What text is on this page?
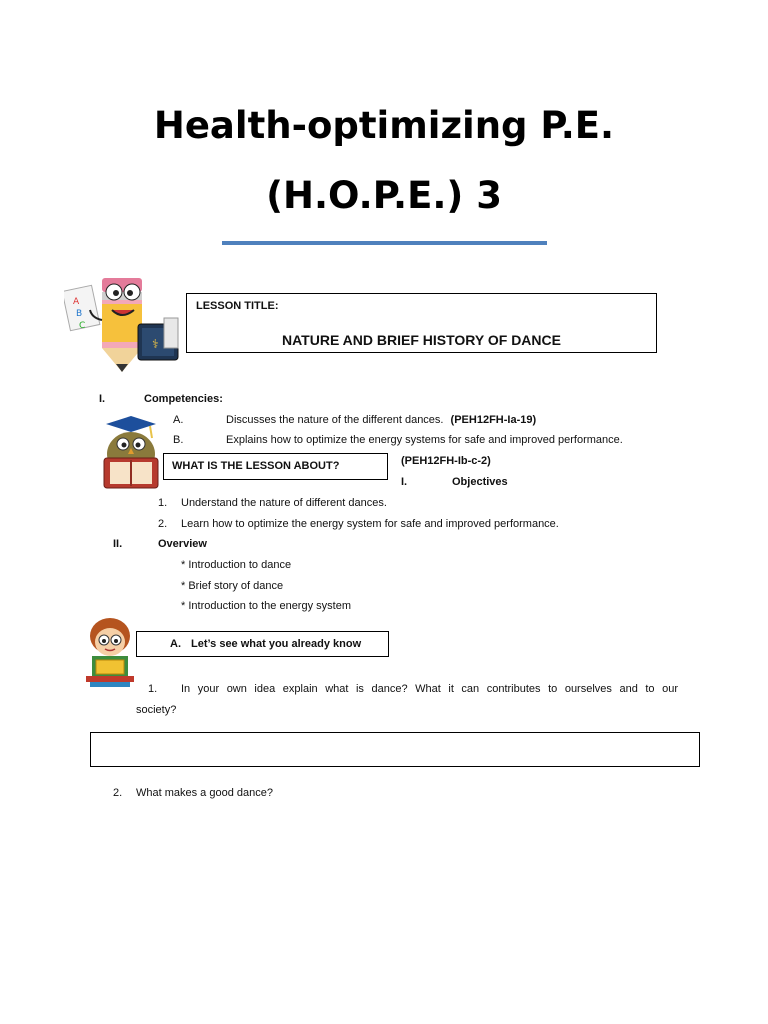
Health-optimizing P.E.
(H.O.P.E.) 3
A
B
C
⚕
LESSON TITLE:
NATURE AND BRIEF HISTORY OF DANCE
I.	Competencies:
A.	Discusses the nature of the different dances. (PEH12FH-Ia-19)
B.	Explains how to optimize the energy systems for safe and improved performance.
(PEH12FH-Ib-c-2)
WHAT IS THE LESSON ABOUT?
I.	Objectives
1. Understand the nature of different dances.
2. Learn how to optimize the energy system for safe and improved performance.
II.	Overview
* Introduction to dance
* Brief story of dance
* Introduction to the energy system
A. Let’s see what you already know
1. In your own idea explain what is dance? What it can contributes to ourselves and to our
society?
2. What makes a good dance?
